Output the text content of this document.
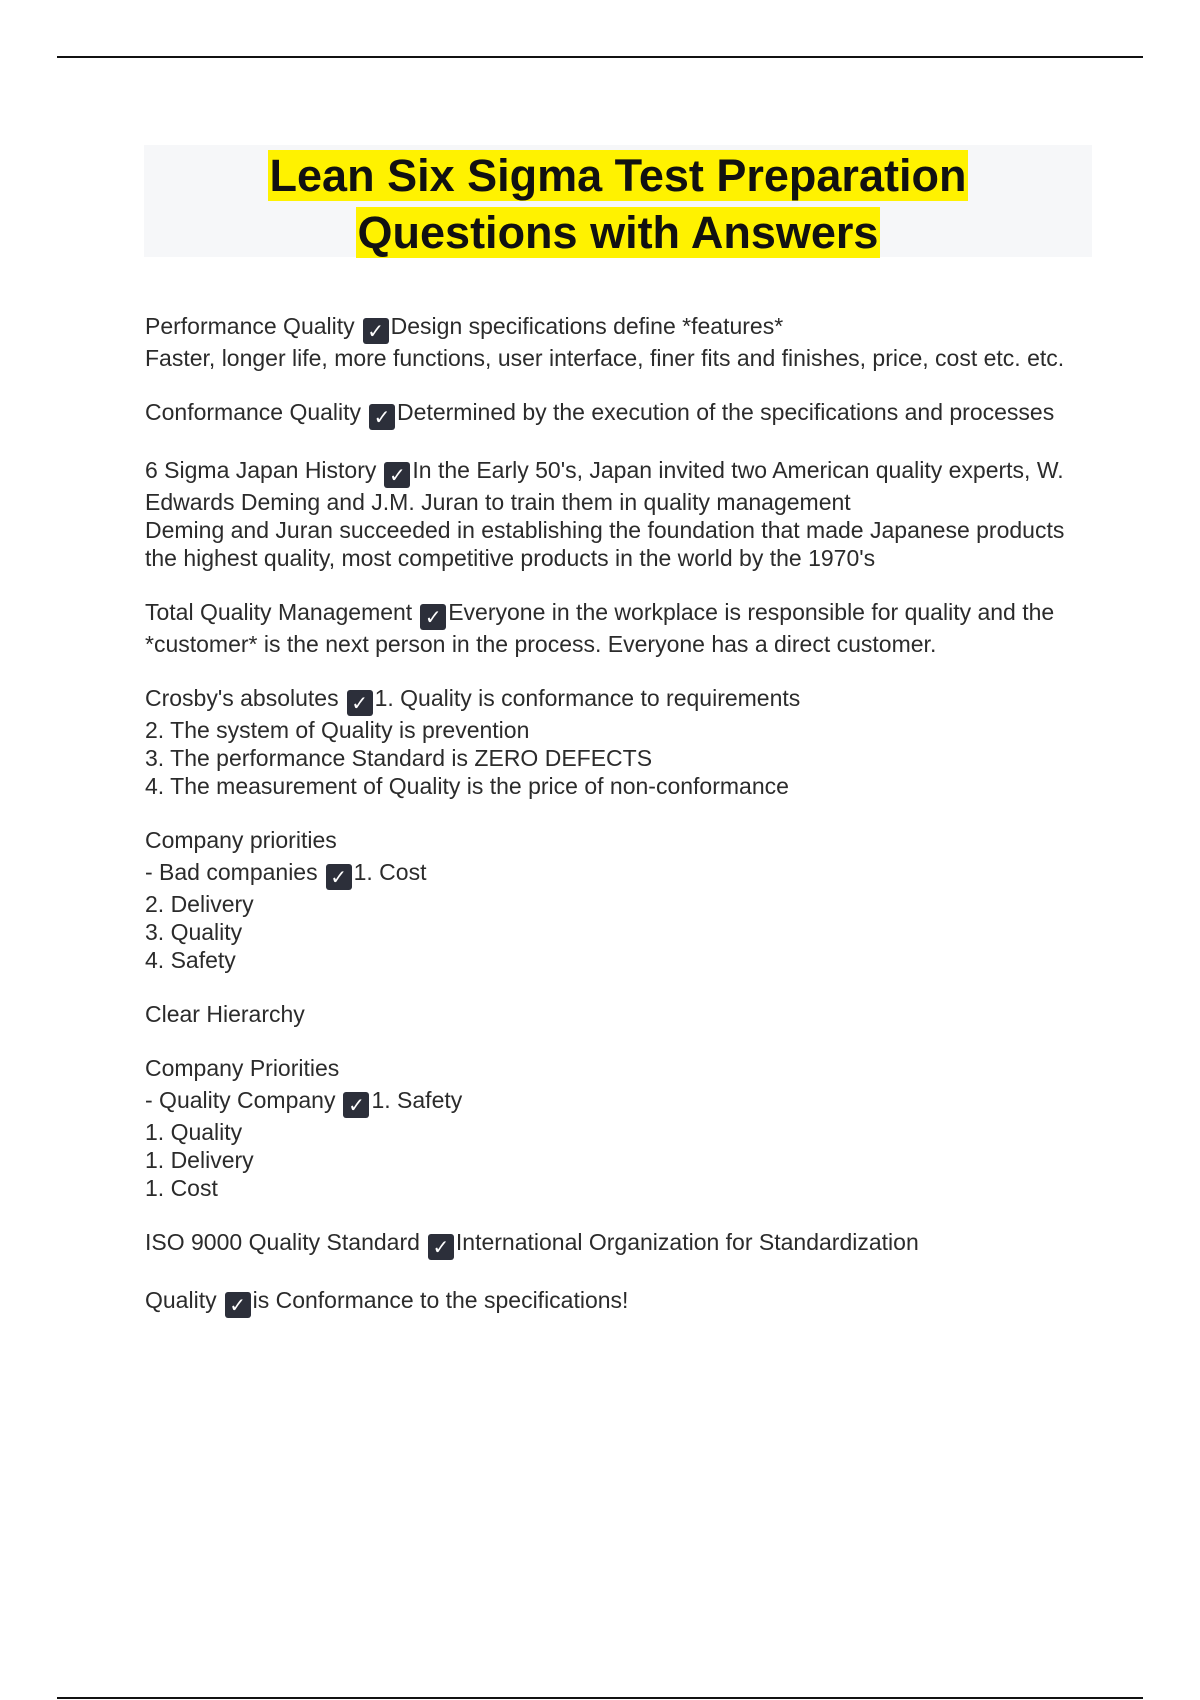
Lean Six Sigma Test Preparation
Questions with Answers
Performance Quality ✓ Design specifications define *features*
Faster, longer life, more functions, user interface, finer fits and finishes, price, cost etc. etc.
Conformance Quality ✓ Determined by the execution of the specifications and processes
6 Sigma Japan History ✓ In the Early 50's, Japan invited two American quality experts, W. Edwards Deming and J.M. Juran to train them in quality management
Deming and Juran succeeded in establishing the foundation that made Japanese products the highest quality, most competitive products in the world by the 1970's
Total Quality Management ✓ Everyone in the workplace is responsible for quality and the *customer* is the next person in the process. Everyone has a direct customer.
Crosby's absolutes ✓ 1. Quality is conformance to requirements
2. The system of Quality is prevention
3. The performance Standard is ZERO DEFECTS
4. The measurement of Quality is the price of non-conformance
Company priorities
- Bad companies ✓ 1. Cost
2. Delivery
3. Quality
4. Safety
Clear Hierarchy
Company Priorities
- Quality Company ✓ 1. Safety
1. Quality
1. Delivery
1. Cost
ISO 9000 Quality Standard ✓ International Organization for Standardization
Quality ✓ is Conformance to the specifications!
